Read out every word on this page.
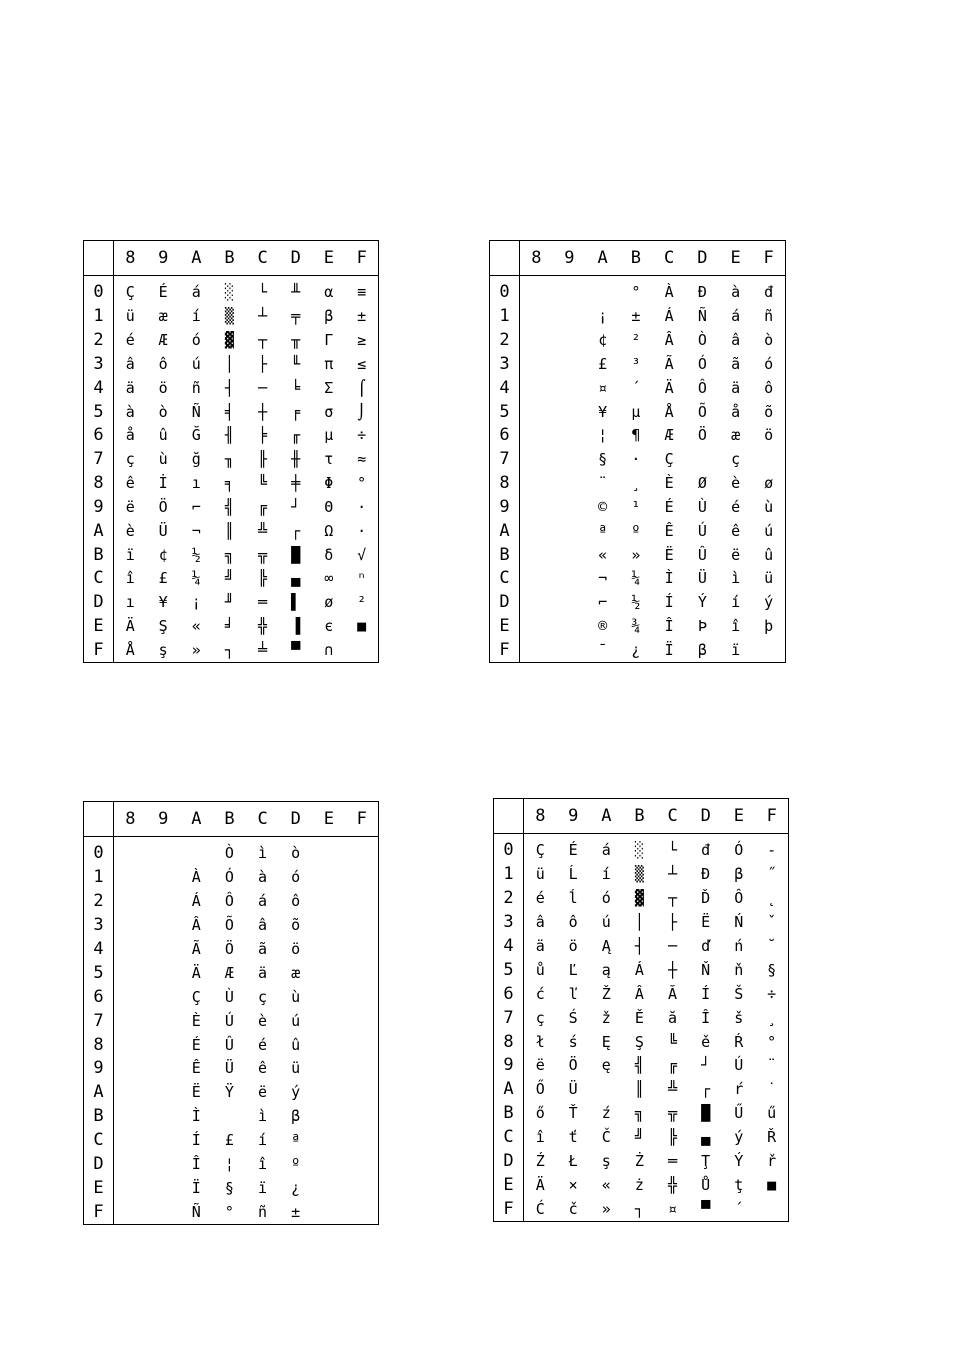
	8	9	A	B	C	D	E	F
0	Ç	É	á	░	└	╨	α	≡
1	ü	æ	í	▒	┴	╤	β	±
2	é	Æ	ó	▓	┬	╥	Γ	≥
3	â	ô	ú	│	├	╙	π	≤
4	ä	ö	ñ	┤	─	╘	Σ	⌠
5	à	ò	Ñ	╡	┼	╒	σ	⌡
6	å	û	Ğ	╢	╞	╓	µ	÷
7	ç	ù	ğ	╖	╟	╫	τ	≈
8	ê	İ	ı	╕	╚	╪	Φ	°
9	ë	Ö	⌐	╣	╔	┘	Θ	·
A	è	Ü	¬	║	╩	┌	Ω	·
B	ï	¢	½	╗	╦	█	δ	√
C	î	£	¼	╝	╠	▄	∞	ⁿ
D	ı	¥	¡	╜	═	▌	ø	²
E	Ä	Ş	«	╛	╬	▐	є	■
F	Å	ş	»	┐	╧	▀	∩	
	8	9	A	B	C	D	E	F
0				°	À	Ð	à	đ
1			¡	±	Á	Ñ	á	ñ
2			¢	²	Â	Ò	â	ò
3			£	³	Ã	Ó	ã	ó
4			¤	´	Ä	Ô	ä	ô
5			¥	µ	Å	Õ	å	õ
6			¦	¶	Æ	Ö	æ	ö
7			§	·	Ç		ç	
8			¨	¸	È	Ø	è	ø
9			©	¹	É	Ù	é	ù
A			ª	º	Ê	Ú	ê	ú
B			«	»	Ë	Û	ë	û
C			¬	¼	Ì	Ü	ì	ü
D			⌐	½	Í	Ý	í	ý
E			®	¾	Î	Þ	î	þ
F			¯	¿	Ï	β	ï	
	8	9	A	B	C	D	E	F
0				Ò	ì	ò		
1			À	Ó	à	ó		
2			Á	Ô	á	ô		
3			Â	Õ	â	õ		
4			Ã	Ö	ã	ö		
5			Ä	Æ	ä	æ		
6			Ç	Ù	ç	ù		
7			È	Ú	è	ú		
8			É	Û	é	û		
9			Ê	Ü	ê	ü		
A			Ë	Ÿ	ë	ý		
B			Ì		ì	β		
C			Í	£	í	ª		
D			Î	¦	î	º		
E			Ï	§	ï	¿		
F			Ñ	°	ñ	±		
	8	9	A	B	C	D	E	F
0	Ç	É	á	░	└	đ	Ó	-
1	ü	Ĺ	í	▒	┴	Đ	β	˝
2	é	ĺ	ó	▓	┬	Ď	Ô	˛
3	â	ô	ú	│	├	Ë	Ń	ˇ
4	ä	ö	Ą	┤	─	ď	ń	˘
5	ů	Ľ	ą	Á	┼	Ň	ň	§
6	ć	ľ	Ž	Â	Ă	Í	Š	÷
7	ç	Ś	ž	Ě	ă	Î	š	¸
8	ł	ś	Ę	Ş	╚	ě	Ŕ	°
9	ë	Ö	ę	╣	╔	┘	Ú	¨
A	Ő	Ü		║	╩	┌	ŕ	˙
B	ő	Ť	ź	╗	╦	█	Ű	ű
C	î	ť	Č	╝	╠	▄	ý	Ř
D	Ź	Ł	ş	Ż	═	Ţ	Ý	ř
E	Ä	×	«	ż	╬	Ů	ţ	■
F	Ć	č	»	┐	¤	▀	´	
